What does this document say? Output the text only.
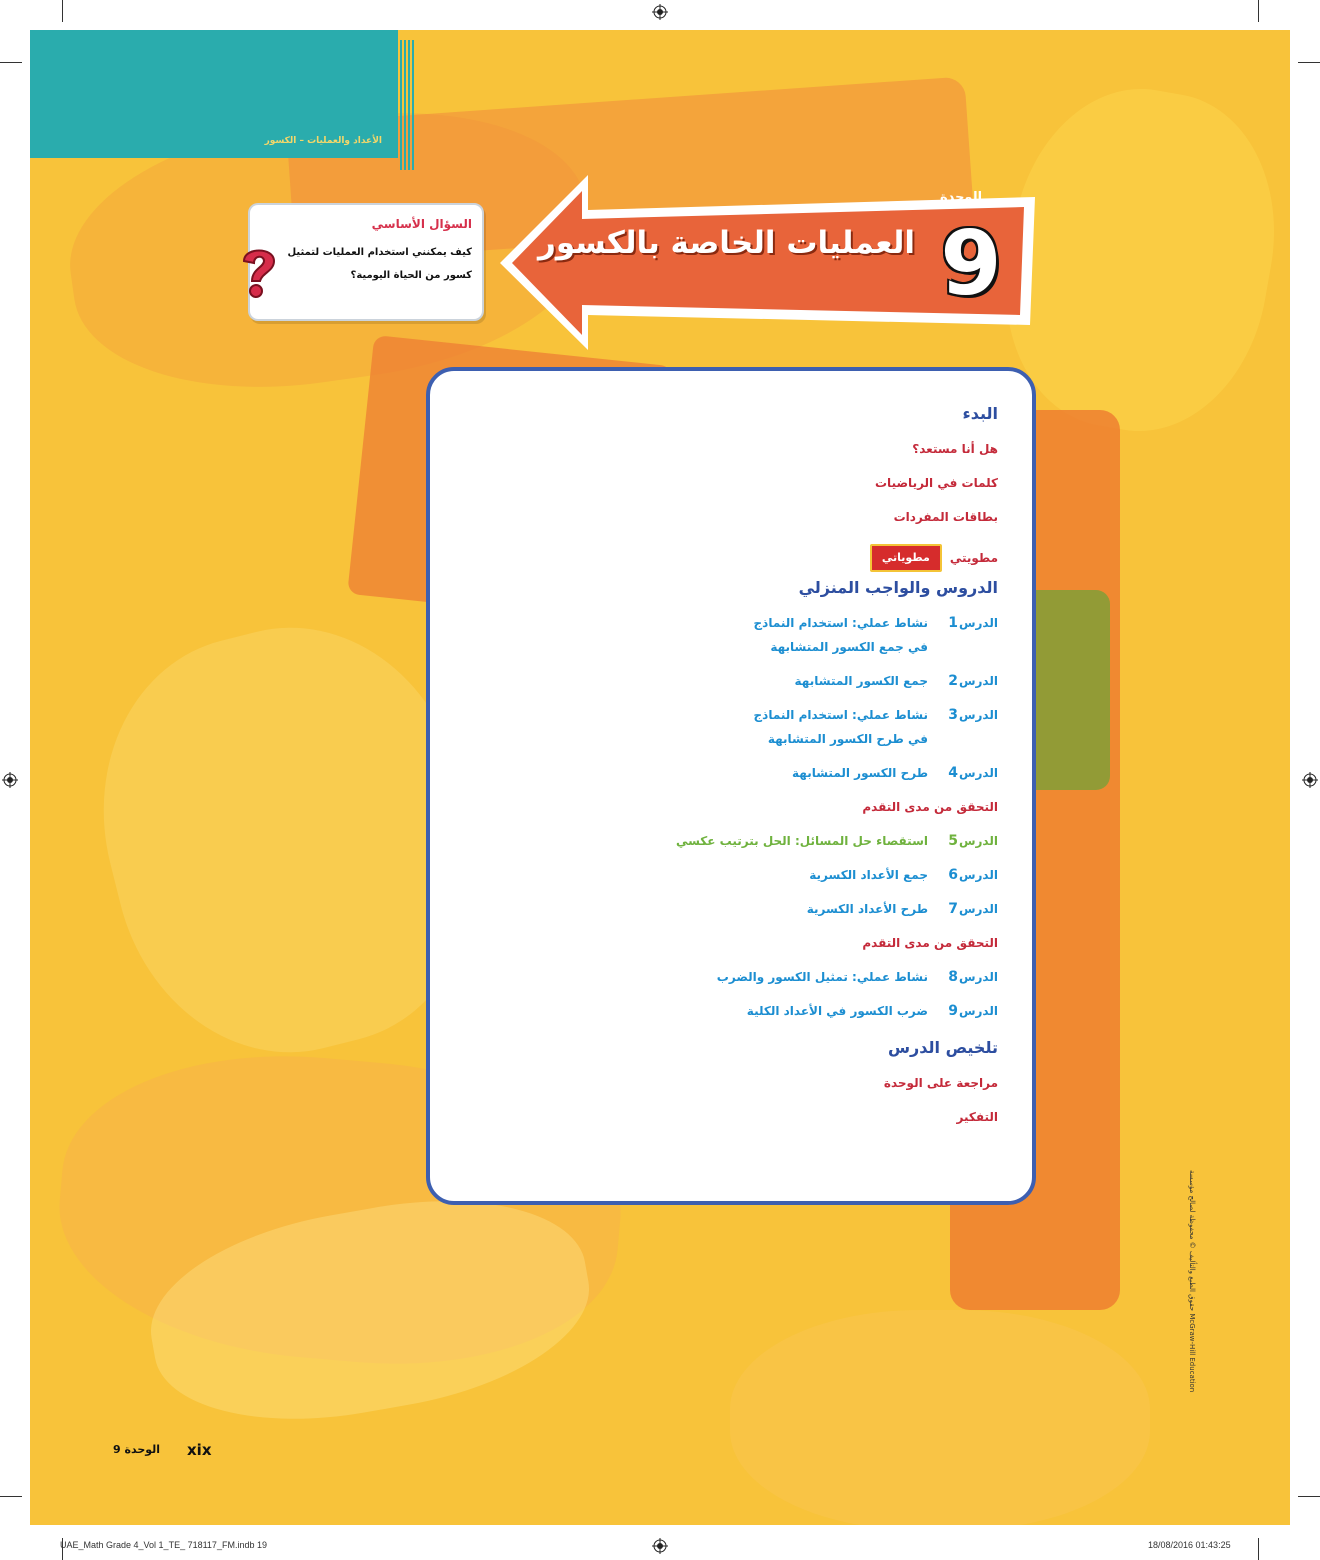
الأعداد والعمليات – الكسور
الوحدة
9
العمليات الخاصة بالكسور
السؤال الأساسي
كيف يمكنني استخدام العمليات لتمثيل كسور من الحياة اليومية؟
البدء
هل أنا مستعد؟
كلمات في الرياضيات
بطاقات المفردات
مطويتي
مطوياتي
الدروس والواجب المنزلي
الدرس
1
نشاط عملي: استخدام النماذج
في جمع الكسور المتشابهة
الدرس
2
جمع الكسور المتشابهة
الدرس
3
نشاط عملي: استخدام النماذج
في طرح الكسور المتشابهة
الدرس
4
طرح الكسور المتشابهة
التحقق من مدى التقدم
الدرس
5
استقصاء حل المسائل: الحل بترتيب عكسي
الدرس
6
جمع الأعداد الكسرية
الدرس
7
طرح الأعداد الكسرية
التحقق من مدى التقدم
الدرس
8
نشاط عملي: تمثيل الكسور والضرب
الدرس
9
ضرب الكسور في الأعداد الكلية
تلخيص الدرس
مراجعة على الوحدة
التفكير
xix
الوحدة 9
حقوق الطبع والتأليف © محفوظة لصالح مؤسسة McGraw-Hill Education
UAE_Math Grade 4_Vol 1_TE_ 718117_FM.indb 19	18/08/2016 01:43:25
